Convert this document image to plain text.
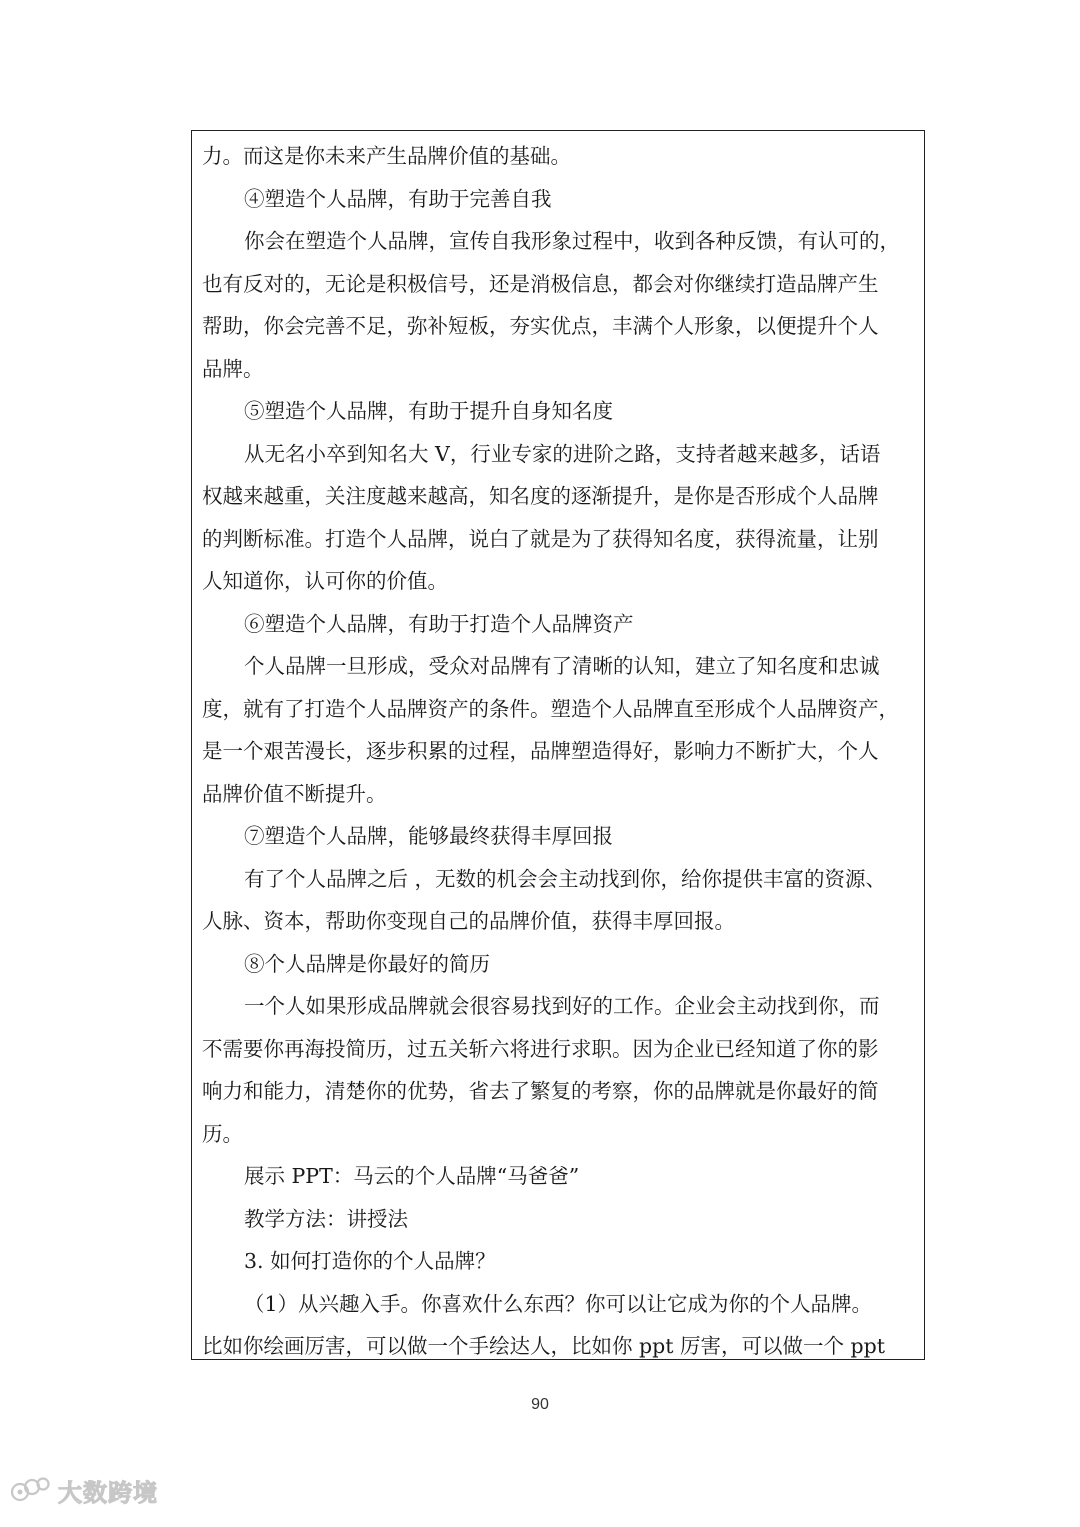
力。而这是你未来产生品牌价值的基础。
④塑造个人品牌，有助于完善自我
你会在塑造个人品牌，宣传自我形象过程中，收到各种反馈，有认可的，
也有反对的，无论是积极信号，还是消极信息，都会对你继续打造品牌产生
帮助，你会完善不足，弥补短板，夯实优点，丰满个人形象，以便提升个人
品牌。
⑤塑造个人品牌，有助于提升自身知名度
从无名小卒到知名大 V，行业专家的进阶之路，支持者越来越多，话语
权越来越重，关注度越来越高，知名度的逐渐提升，是你是否形成个人品牌
的判断标准。打造个人品牌，说白了就是为了获得知名度，获得流量，让别
人知道你，认可你的价值。
⑥塑造个人品牌，有助于打造个人品牌资产
个人品牌一旦形成，受众对品牌有了清晰的认知，建立了知名度和忠诚
度，就有了打造个人品牌资产的条件。塑造个人品牌直至形成个人品牌资产，
是一个艰苦漫长，逐步积累的过程，品牌塑造得好，影响力不断扩大，个人
品牌价值不断提升。
⑦塑造个人品牌，能够最终获得丰厚回报
有了个人品牌之后 ，无数的机会会主动找到你，给你提供丰富的资源、
人脉、资本，帮助你变现自己的品牌价值，获得丰厚回报。
⑧个人品牌是你最好的简历
一个人如果形成品牌就会很容易找到好的工作。企业会主动找到你，而
不需要你再海投简历，过五关斩六将进行求职。因为企业已经知道了你的影
响力和能力，清楚你的优势，省去了繁复的考察，你的品牌就是你最好的简
历。
展示 PPT：马云的个人品牌“马爸爸”
教学方法：讲授法
3. 如何打造你的个人品牌？
（1）从兴趣入手。你喜欢什么东西？你可以让它成为你的个人品牌。
比如你绘画厉害，可以做一个手绘达人，比如你 ppt 厉害，可以做一个 ppt
90
大数跨境
